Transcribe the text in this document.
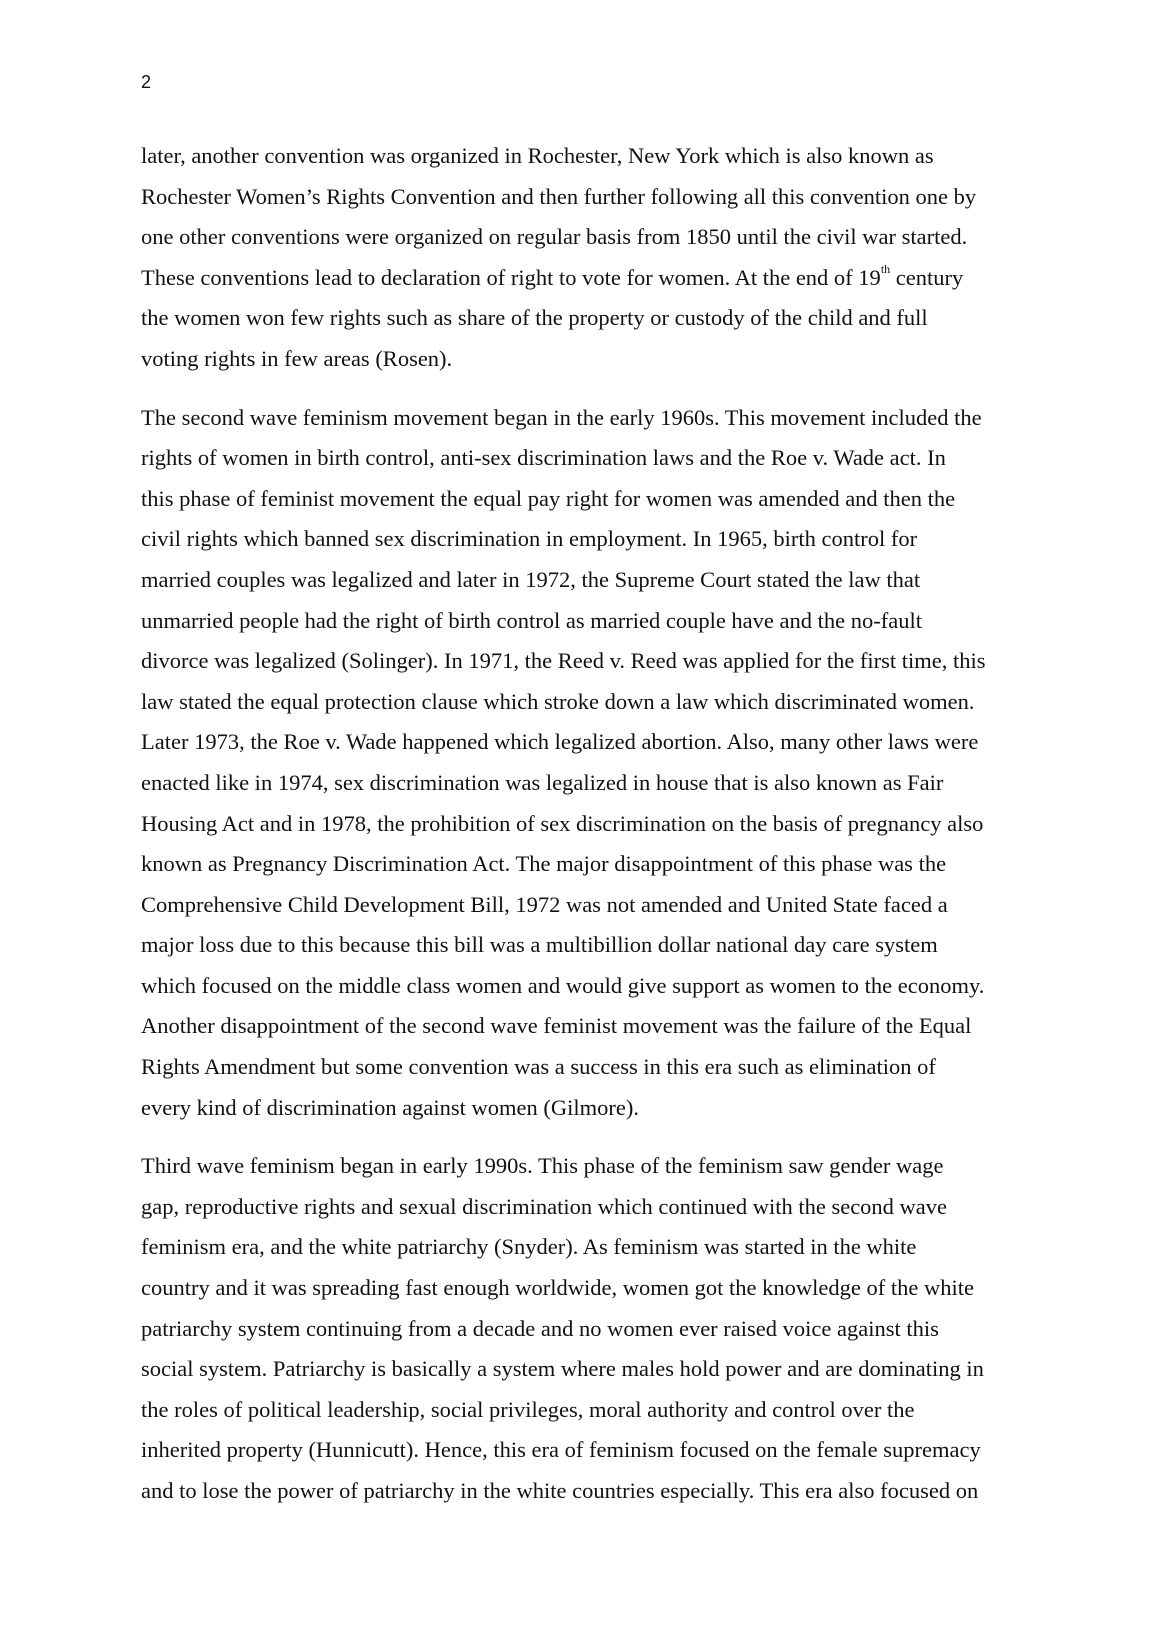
2
later, another convention was organized in Rochester, New York which is also known as
Rochester Women’s Rights Convention and then further following all this convention one by
one other conventions were organized on regular basis from 1850 until the civil war started.
These conventions lead to declaration of right to vote for women. At the end of 19th century
the women won few rights such as share of the property or custody of the child and full
voting rights in few areas (Rosen).
The second wave feminism movement began in the early 1960s. This movement included the
rights of women in birth control, anti-sex discrimination laws and the Roe v. Wade act. In
this phase of feminist movement the equal pay right for women was amended and then the
civil rights which banned sex discrimination in employment. In 1965, birth control for
married couples was legalized and later in 1972, the Supreme Court stated the law that
unmarried people had the right of birth control as married couple have and the no-fault
divorce was legalized (Solinger). In 1971, the Reed v. Reed was applied for the first time, this
law stated the equal protection clause which stroke down a law which discriminated women.
Later 1973, the Roe v. Wade happened which legalized abortion. Also, many other laws were
enacted like in 1974, sex discrimination was legalized in house that is also known as Fair
Housing Act and in 1978, the prohibition of sex discrimination on the basis of pregnancy also
known as Pregnancy Discrimination Act. The major disappointment of this phase was the
Comprehensive Child Development Bill, 1972 was not amended and United State faced a
major loss due to this because this bill was a multibillion dollar national day care system
which focused on the middle class women and would give support as women to the economy.
Another disappointment of the second wave feminist movement was the failure of the Equal
Rights Amendment but some convention was a success in this era such as elimination of
every kind of discrimination against women (Gilmore).
Third wave feminism began in early 1990s. This phase of the feminism saw gender wage
gap, reproductive rights and sexual discrimination which continued with the second wave
feminism era, and the white patriarchy (Snyder). As feminism was started in the white
country and it was spreading fast enough worldwide, women got the knowledge of the white
patriarchy system continuing from a decade and no women ever raised voice against this
social system. Patriarchy is basically a system where males hold power and are dominating in
the roles of political leadership, social privileges, moral authority and control over the
inherited property (Hunnicutt). Hence, this era of feminism focused on the female supremacy
and to lose the power of patriarchy in the white countries especially. This era also focused on
